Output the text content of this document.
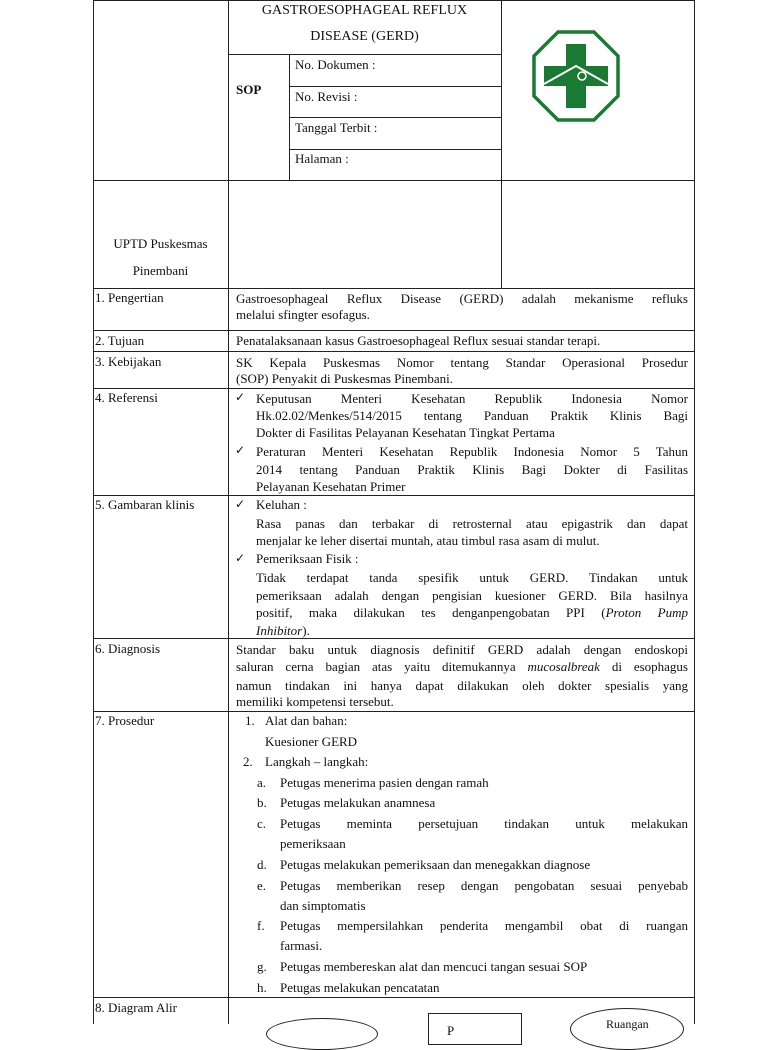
GASTROESOPHAGEAL REFLUX
DISEASE (GERD)
SOP
No. Dokumen :
No. Revisi :
Tanggal Terbit :
Halaman :
UPTD Puskesmas
Pinembani
1. Pengertian	Gastroesophageal Reflux Disease (GERD) adalah mekanisme refluks
melalui sfingter esofagus.
2. Tujuan	Penatalaksanaan kasus Gastroesophageal Reflux sesuai standar terapi.
3. Kebijakan	SK Kepala Puskesmas Nomor tentang Standar Operasional Prosedur
(SOP) Penyakit di Puskesmas Pinembani.
4. Referensi	✓ Keputusan Menteri Kesehatan Republik Indonesia Nomor
Hk.02.02/Menkes/514/2015 tentang Panduan Praktik Klinis Bagi
Dokter di Fasilitas Pelayanan Kesehatan Tingkat Pertama
✓ Peraturan Menteri Kesehatan Republik Indonesia Nomor 5 Tahun
2014 tentang Panduan Praktik Klinis Bagi Dokter di Fasilitas
Pelayanan Kesehatan Primer
5. Gambaran klinis	✓ Keluhan :
Rasa panas dan terbakar di retrosternal atau epigastrik dan dapat
menjalar ke leher disertai muntah, atau timbul rasa asam di mulut.
✓ Pemeriksaan Fisik :
Tidak terdapat tanda spesifik untuk GERD. Tindakan untuk
pemeriksaan adalah dengan pengisian kuesioner GERD. Bila hasilnya
positif, maka dilakukan tes denganpengobatan PPI (Proton Pump
Inhibitor).
6. Diagnosis	Standar baku untuk diagnosis definitif GERD adalah dengan endoskopi
saluran cerna bagian atas yaitu ditemukannya mucosalbreak di esophagus
namun tindakan ini hanya dapat dilakukan oleh dokter spesialis yang
memiliki kompetensi tersebut.
7. Prosedur	1. Alat dan bahan:
Kuesioner GERD
2. Langkah – langkah:
a. Petugas menerima pasien dengan ramah
b. Petugas melakukan anamnesa
c. Petugas meminta persetujuan tindakan untuk melakukan
pemeriksaan
d. Petugas melakukan pemeriksaan dan menegakkan diagnose
e. Petugas memberikan resep dengan pengobatan sesuai penyebab
dan simptomatis
f. Petugas mempersilahkan penderita mengambil obat di ruangan
farmasi.
g. Petugas membereskan alat dan mencuci tangan sesuai SOP
h. Petugas melakukan pencatatan
8. Diagram Alir
P	Ruangan
